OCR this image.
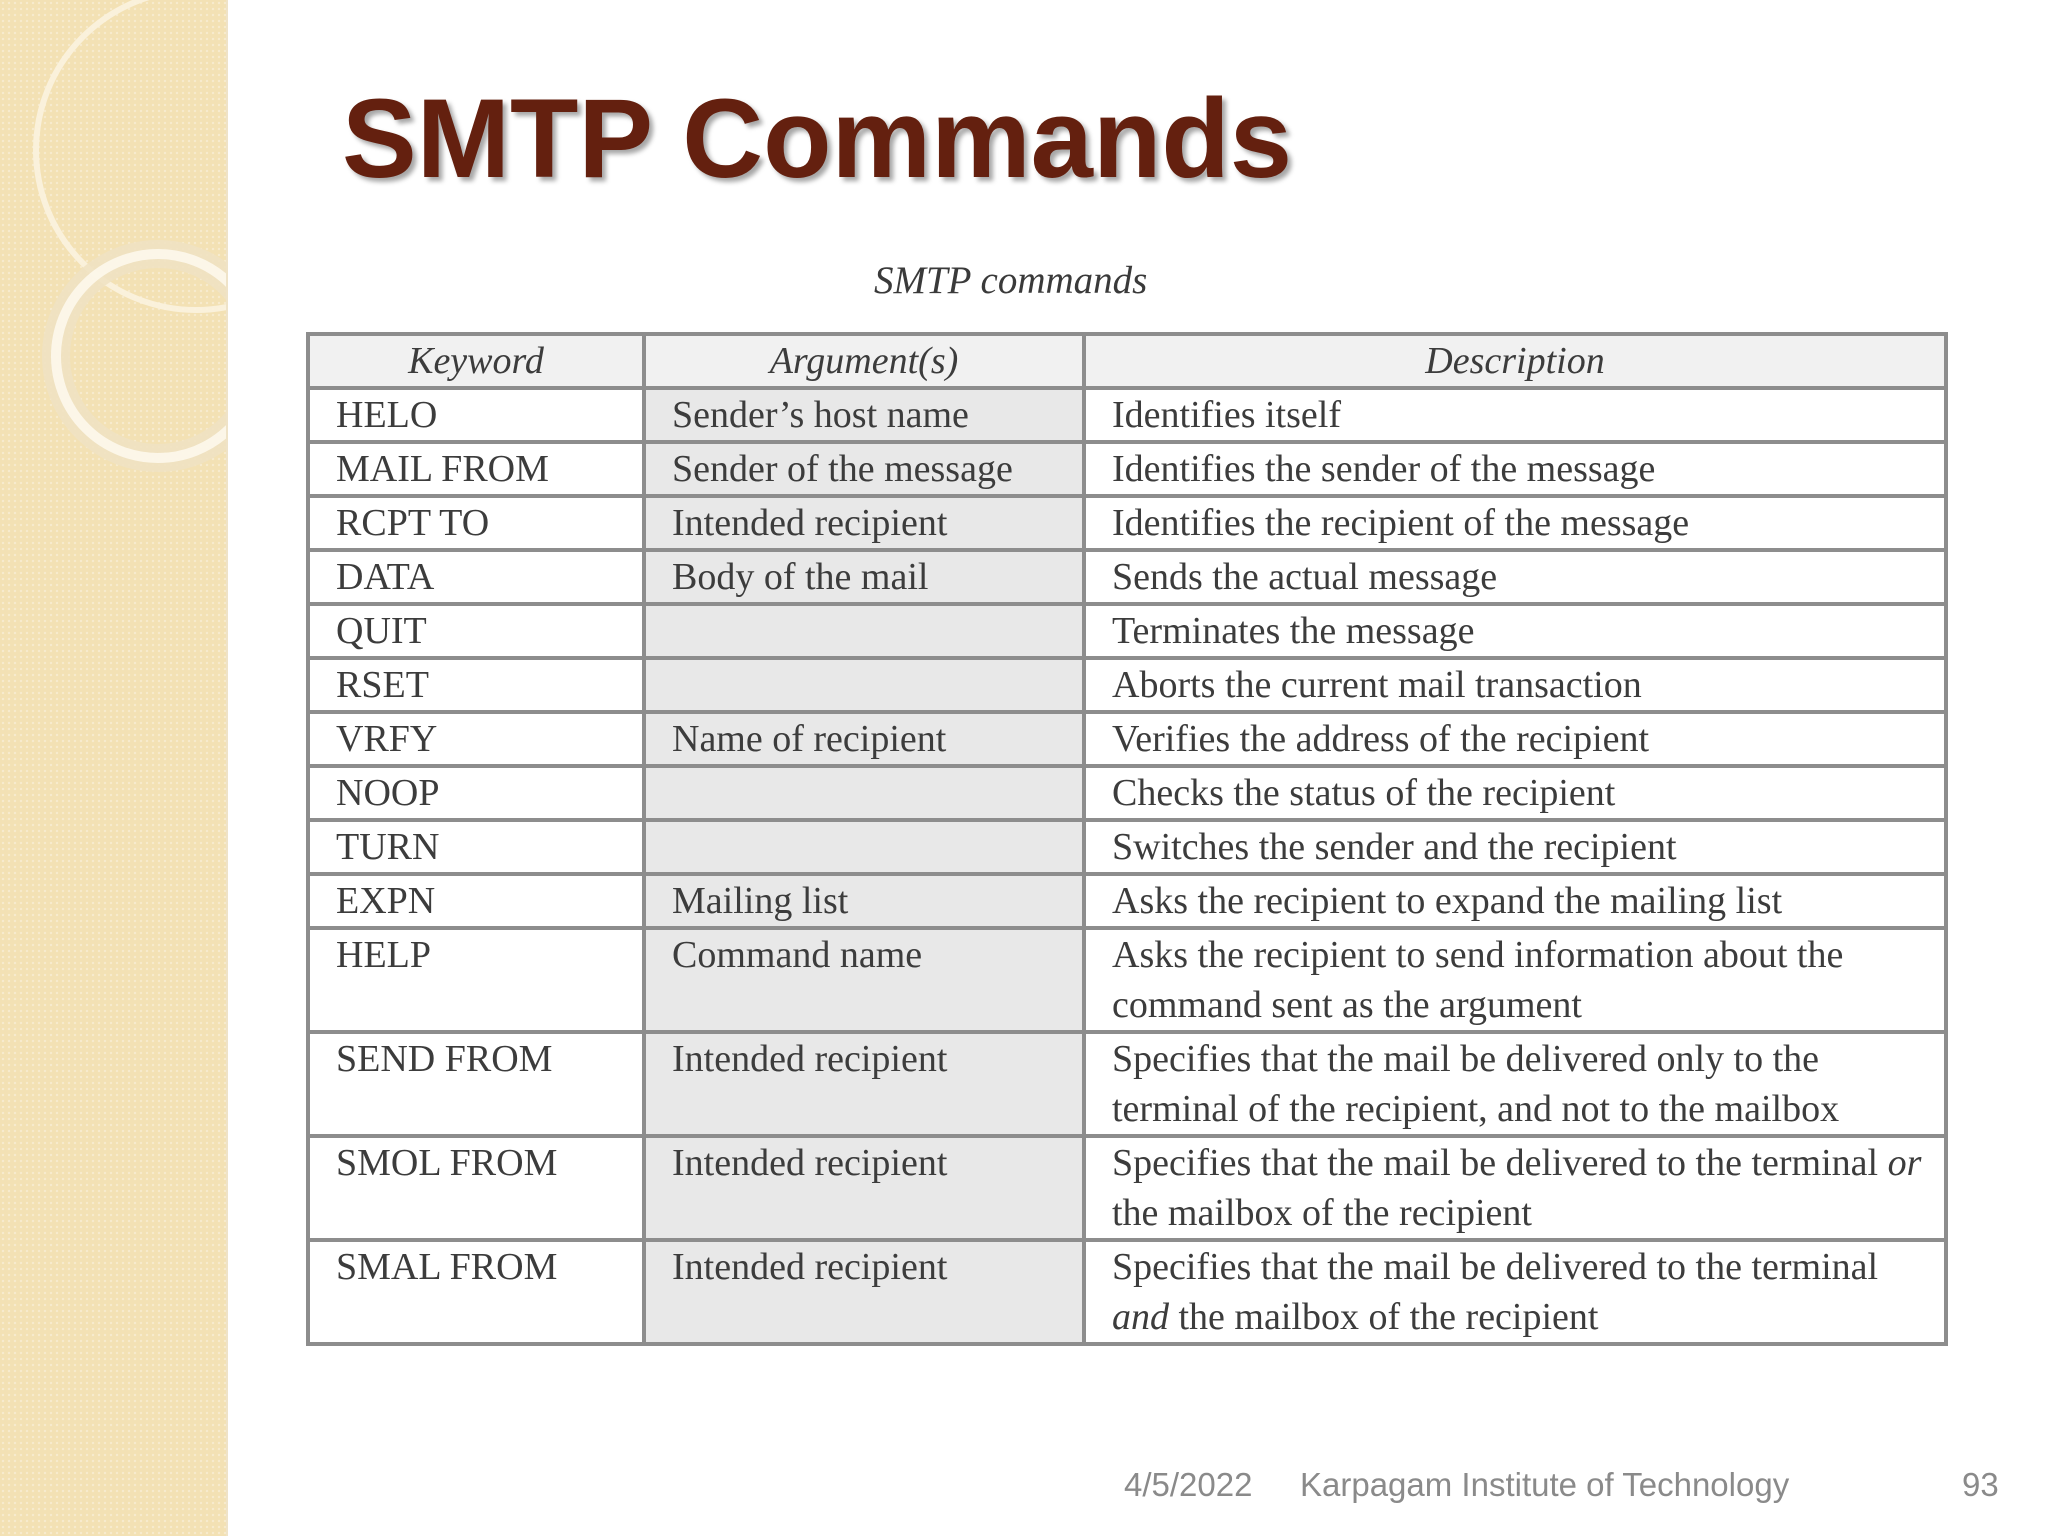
SMTP Commands
SMTP commands
Keyword	Argument(s)	Description
HELO	Sender’s host name	Identifies itself
MAIL FROM	Sender of the message	Identifies the sender of the message
RCPT TO	Intended recipient	Identifies the recipient of the message
DATA	Body of the mail	Sends the actual message
QUIT		Terminates the message
RSET		Aborts the current mail transaction
VRFY	Name of recipient	Verifies the address of the recipient
NOOP		Checks the status of the recipient
TURN		Switches the sender and the recipient
EXPN	Mailing list	Asks the recipient to expand the mailing list
HELP	Command name	Asks the recipient to send information about the command sent as the argument
SEND FROM	Intended recipient	Specifies that the mail be delivered only to the terminal of the recipient, and not to the mailbox
SMOL FROM	Intended recipient	Specifies that the mail be delivered to the terminal or the mailbox of the recipient
SMAL FROM	Intended recipient	Specifies that the mail be delivered to the terminal and the mailbox of the recipient
4/5/2022 Karpagam Institute of Technology	93
